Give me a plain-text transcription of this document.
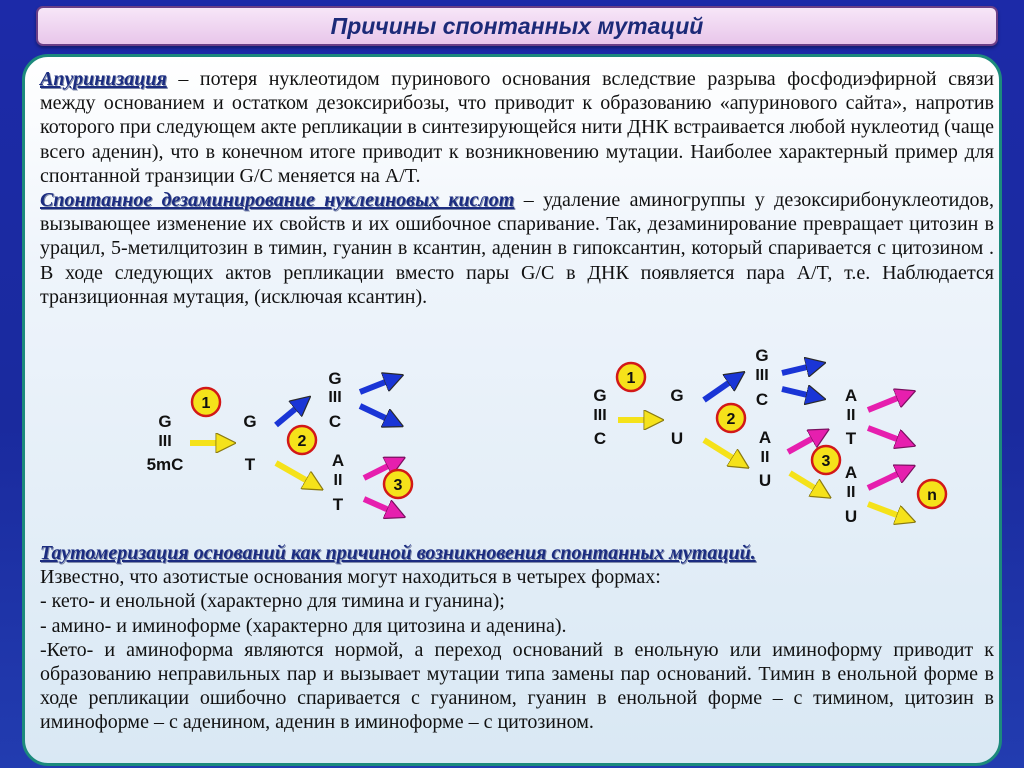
Причины спонтанных мутаций

Апуринизация – потеря нуклеотидом пуринового основания вследствие разрыва фосфодиэфирной связи между основанием и остатком дезоксирибозы, что приводит к образованию «апуринового сайта», напротив которого при следующем акте репликации в синтезирующейся нити ДНК встраивается любой нуклеотид (чаще всего аденин), что в конечном итоге приводит к возникновению мутации. Наиболее характерный пример для спонтанной транзиции G/C меняется на A/T.

Спонтанное дезаминирование нуклеиновых кислот – удаление аминогруппы у дезоксирибонуклеотидов, вызывающее изменение их свойств и их ошибочное спаривание. Так, дезаминирование превращает цитозин в урацил, 5-метилцитозин в тимин, гуанин в ксантин, аденин в гипоксантин, который спаривается с цитозином . В ходе следующих актов репликации вместо пары G/C в ДНК появляется пара A/T, т.е. Наблюдается транзиционная мутация, (исключая ксантин).

G
III
5mC
1
G
T
2
G
III
C
A
II
T
3
G
III
C
1
G
U
2
G
III
C
A
II
U
3
A
II
T
A
II
U
n

Таутомеризация оснований как причиной возникновения спонтанных мутаций.

Известно, что азотистые основания могут находиться в четырех формах:

- кето- и енольной (характерно для тимина и гуанина);

- амино- и иминоформе (характерно для цитозина и аденина).

-Кето- и аминоформа являются нормой, а переход оснований в енольную или иминоформу приводит к образованию неправильных пар и вызывает мутации типа замены пар оснований. Тимин в енольной форме в ходе репликации ошибочно спаривается с гуанином, гуанин в енольной форме – с тимином, цитозин в иминоформе – с аденином, аденин в иминоформе – с цитозином.
